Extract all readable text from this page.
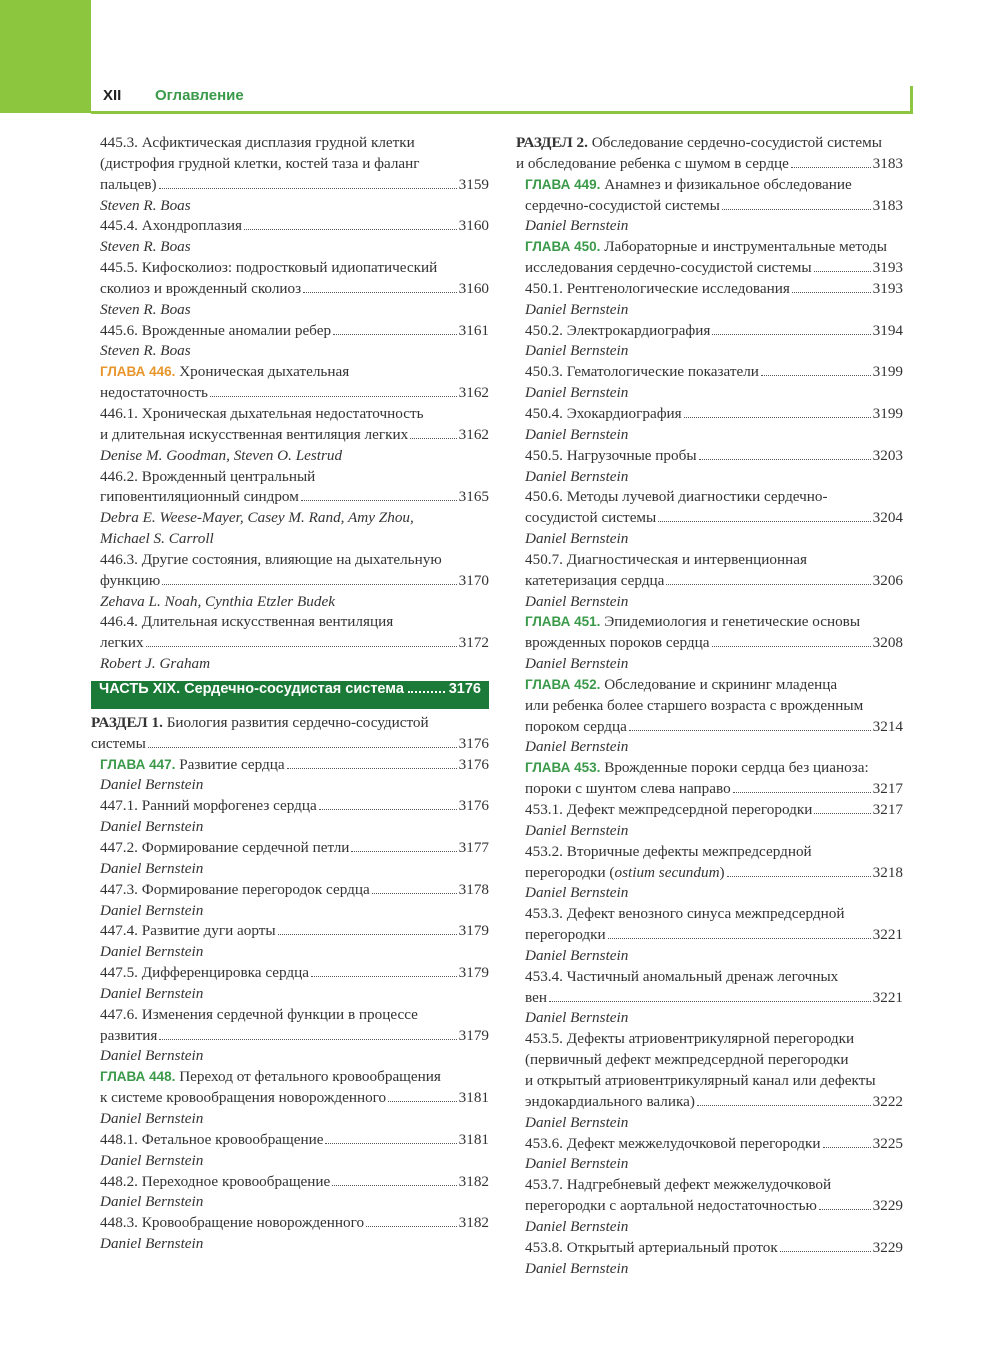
XII Оглавление
445.3. Асфиктическая дисплазия грудной клетки
(дистрофия грудной клетки, костей таза и фаланг
пальцев)	3159
Steven R. Boas
445.4. Ахондроплазия	3160
Steven R. Boas
445.5. Кифосколиоз: подростковый идиопатический
сколиоз и врожденный сколиоз	3160
Steven R. Boas
445.6. Врожденные аномалии ребер	3161
Steven R. Boas
ГЛАВА 446. Хроническая дыхательная
недостаточность	3162
446.1. Хроническая дыхательная недостаточность
и длительная искусственная вентиляция легких	3162
Denise M. Goodman, Steven O. Lestrud
446.2. Врожденный центральный
гиповентиляционный синдром	3165
Debra E. Weese-Mayer, Casey M. Rand, Amy Zhou,
Michael S. Carroll
446.3. Другие состояния, влияющие на дыхательную
функцию	3170
Zehava L. Noah, Cynthia Etzler Budek
446.4. Длительная искусственная вентиляция
легких	3172
Robert J. Graham
ЧАСТЬ XIX. Сердечно-сосудистая система	3176
РАЗДЕЛ 1. Биология развития сердечно-сосудистой
системы	3176
ГЛАВА 447. Развитие сердца	3176
Daniel Bernstein
447.1. Ранний морфогенез сердца	3176
Daniel Bernstein
447.2. Формирование сердечной петли	3177
Daniel Bernstein
447.3. Формирование перегородок сердца	3178
Daniel Bernstein
447.4. Развитие дуги аорты	3179
Daniel Bernstein
447.5. Дифференцировка сердца	3179
Daniel Bernstein
447.6. Изменения сердечной функции в процессе
развития	3179
Daniel Bernstein
ГЛАВА 448. Переход от фетального кровообращения
к системе кровообращения новорожденного	3181
Daniel Bernstein
448.1. Фетальное кровообращение	3181
Daniel Bernstein
448.2. Переходное кровообращение	3182
Daniel Bernstein
448.3. Кровообращение новорожденного	3182
Daniel Bernstein
РАЗДЕЛ 2. Обследование сердечно-сосудистой системы
и обследование ребенка с шумом в сердце	3183
ГЛАВА 449. Анамнез и физикальное обследование
сердечно-сосудистой системы	3183
Daniel Bernstein
ГЛАВА 450. Лабораторные и инструментальные методы
исследования сердечно-сосудистой системы	3193
450.1. Рентгенологические исследования	3193
Daniel Bernstein
450.2. Электрокардиография	3194
Daniel Bernstein
450.3. Гематологические показатели	3199
Daniel Bernstein
450.4. Эхокардиография	3199
Daniel Bernstein
450.5. Нагрузочные пробы	3203
Daniel Bernstein
450.6. Методы лучевой диагностики сердечно-
сосудистой системы	3204
Daniel Bernstein
450.7. Диагностическая и интервенционная
катетеризация сердца	3206
Daniel Bernstein
ГЛАВА 451. Эпидемиология и генетические основы
врожденных пороков сердца	3208
Daniel Bernstein
ГЛАВА 452. Обследование и скрининг младенца
или ребенка более старшего возраста с врожденным
пороком сердца	3214
Daniel Bernstein
ГЛАВА 453. Врожденные пороки сердца без цианоза:
пороки с шунтом слева направо	3217
453.1. Дефект межпредсердной перегородки	3217
Daniel Bernstein
453.2. Вторичные дефекты межпредсердной
перегородки (ostium secundum)	3218
Daniel Bernstein
453.3. Дефект венозного синуса межпредсердной
перегородки	3221
Daniel Bernstein
453.4. Частичный аномальный дренаж легочных
вен	3221
Daniel Bernstein
453.5. Дефекты атриовентрикулярной перегородки
(первичный дефект межпредсердной перегородки
и открытый атриовентрикулярный канал или дефекты
эндокардиального валика)	3222
Daniel Bernstein
453.6. Дефект межжелудочковой перегородки	3225
Daniel Bernstein
453.7. Надгребневый дефект межжелудочковой
перегородки с аортальной недостаточностью	3229
Daniel Bernstein
453.8. Открытый артериальный проток	3229
Daniel Bernstein
